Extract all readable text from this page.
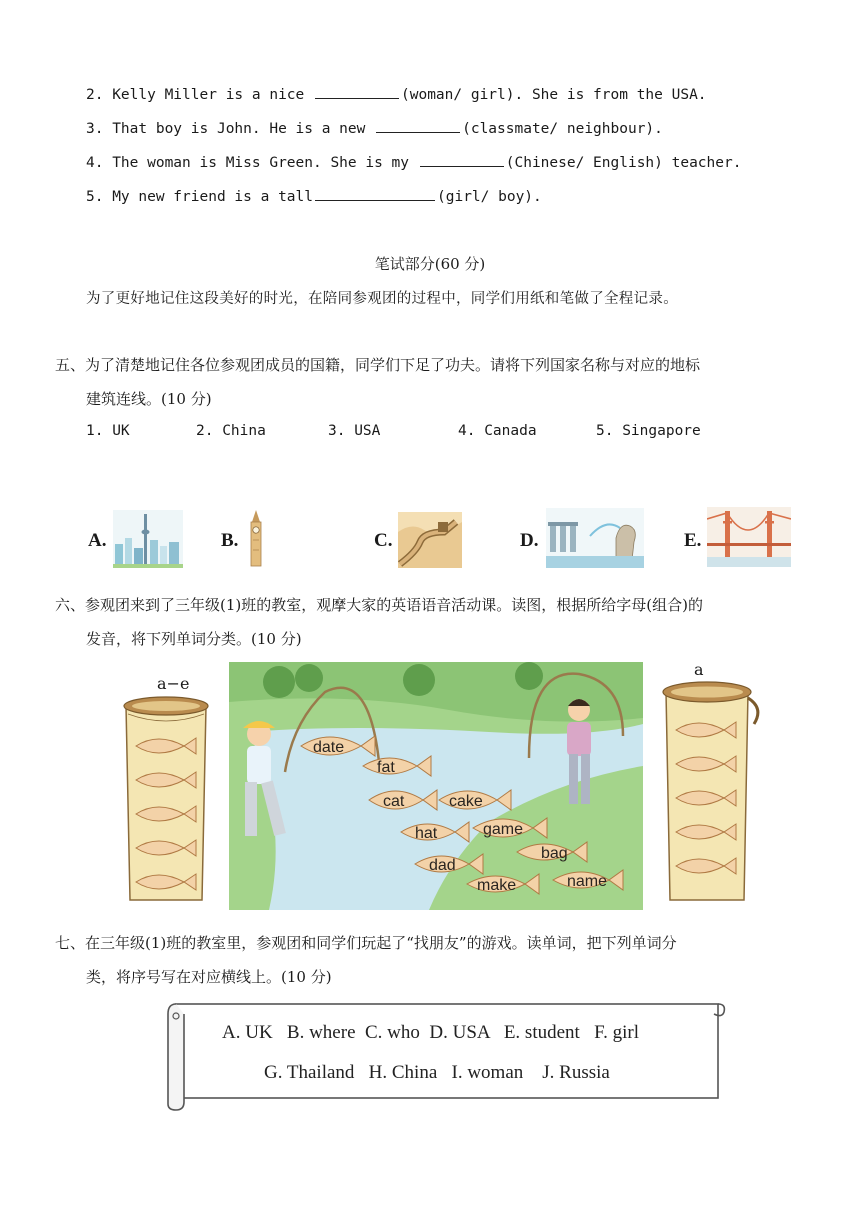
2. Kelly Miller is a nice	(woman/ girl). She is from the USA.
3. That boy is John. He is a new	(classmate/ neighbour).
4. The woman is Miss Green. She is my	(Chinese/ English) teacher.
5. My new friend is a tall	(girl/ boy).
笔试部分(60 分)
为了更好地记住这段美好的时光，在陪同参观团的过程中，同学们用纸和笔做了全程记录。
五、为了清楚地记住各位参观团成员的国籍，同学们下足了功夫。请将下列国家名称与对应的地标
建筑连线。(10 分)
1. UK	2. China	3. USA	4. Canada	5. Singapore
A.	B.	C.	D.	E.
六、参观团来到了三年级(1)班的教室，观摩大家的英语语音活动课。读图，根据所给字母(组合)的
发音，将下列单词分类。(10 分)
a−e
a
date
fat
cat	cake
hat	game
bag
dad
make	name
七、在三年级(1)班的教室里，参观团和同学们玩起了“找朋友”的游戏。读单词，把下列单词分
类，将序号写在对应横线上。(10 分)
A. UK   B. where  C. who  D. USA   E. student   F. girl
G. Thailand   H. China   I. woman    J. Russia
